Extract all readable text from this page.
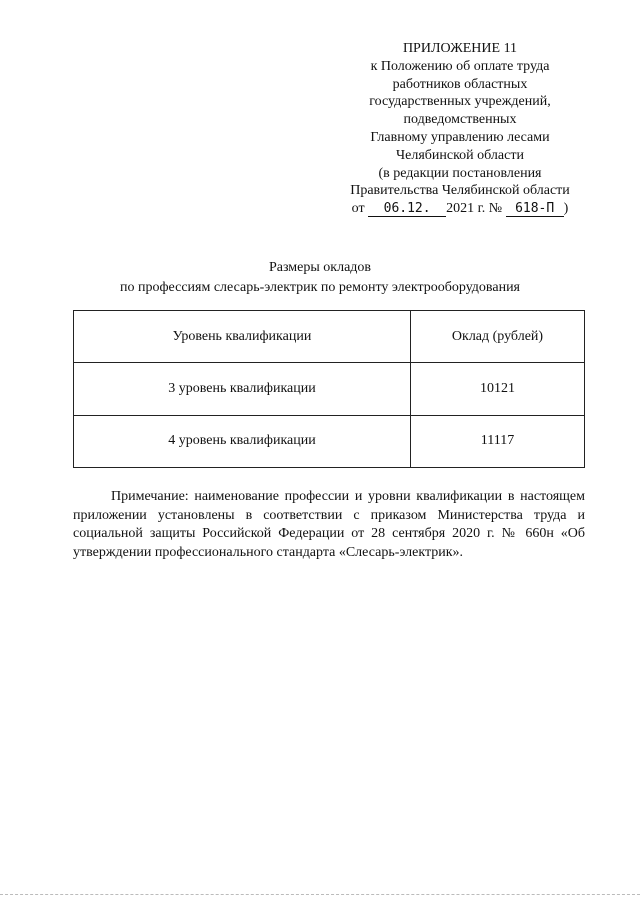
ПРИЛОЖЕНИЕ 11
к Положению об оплате труда
работников областных
государственных учреждений,
подведомственных
Главному управлению лесами
Челябинской области
(в редакции постановления
Правительства Челябинской области
от 06.12. 2021 г. № 618-П )
Размеры окладов
по профессиям слесарь-электрик по ремонту электрооборудования
Уровень квалификации	Оклад (рублей)
3 уровень квалификации	10121
4 уровень квалификации	11117
Примечание: наименование профессии и уровни квалификации в настоящем приложении установлены в соответствии с приказом Министерства труда и социальной защиты Российской Федерации от 28 сентября 2020 г. № 660н «Об утверждении профессионального стандарта «Слесарь-электрик».
